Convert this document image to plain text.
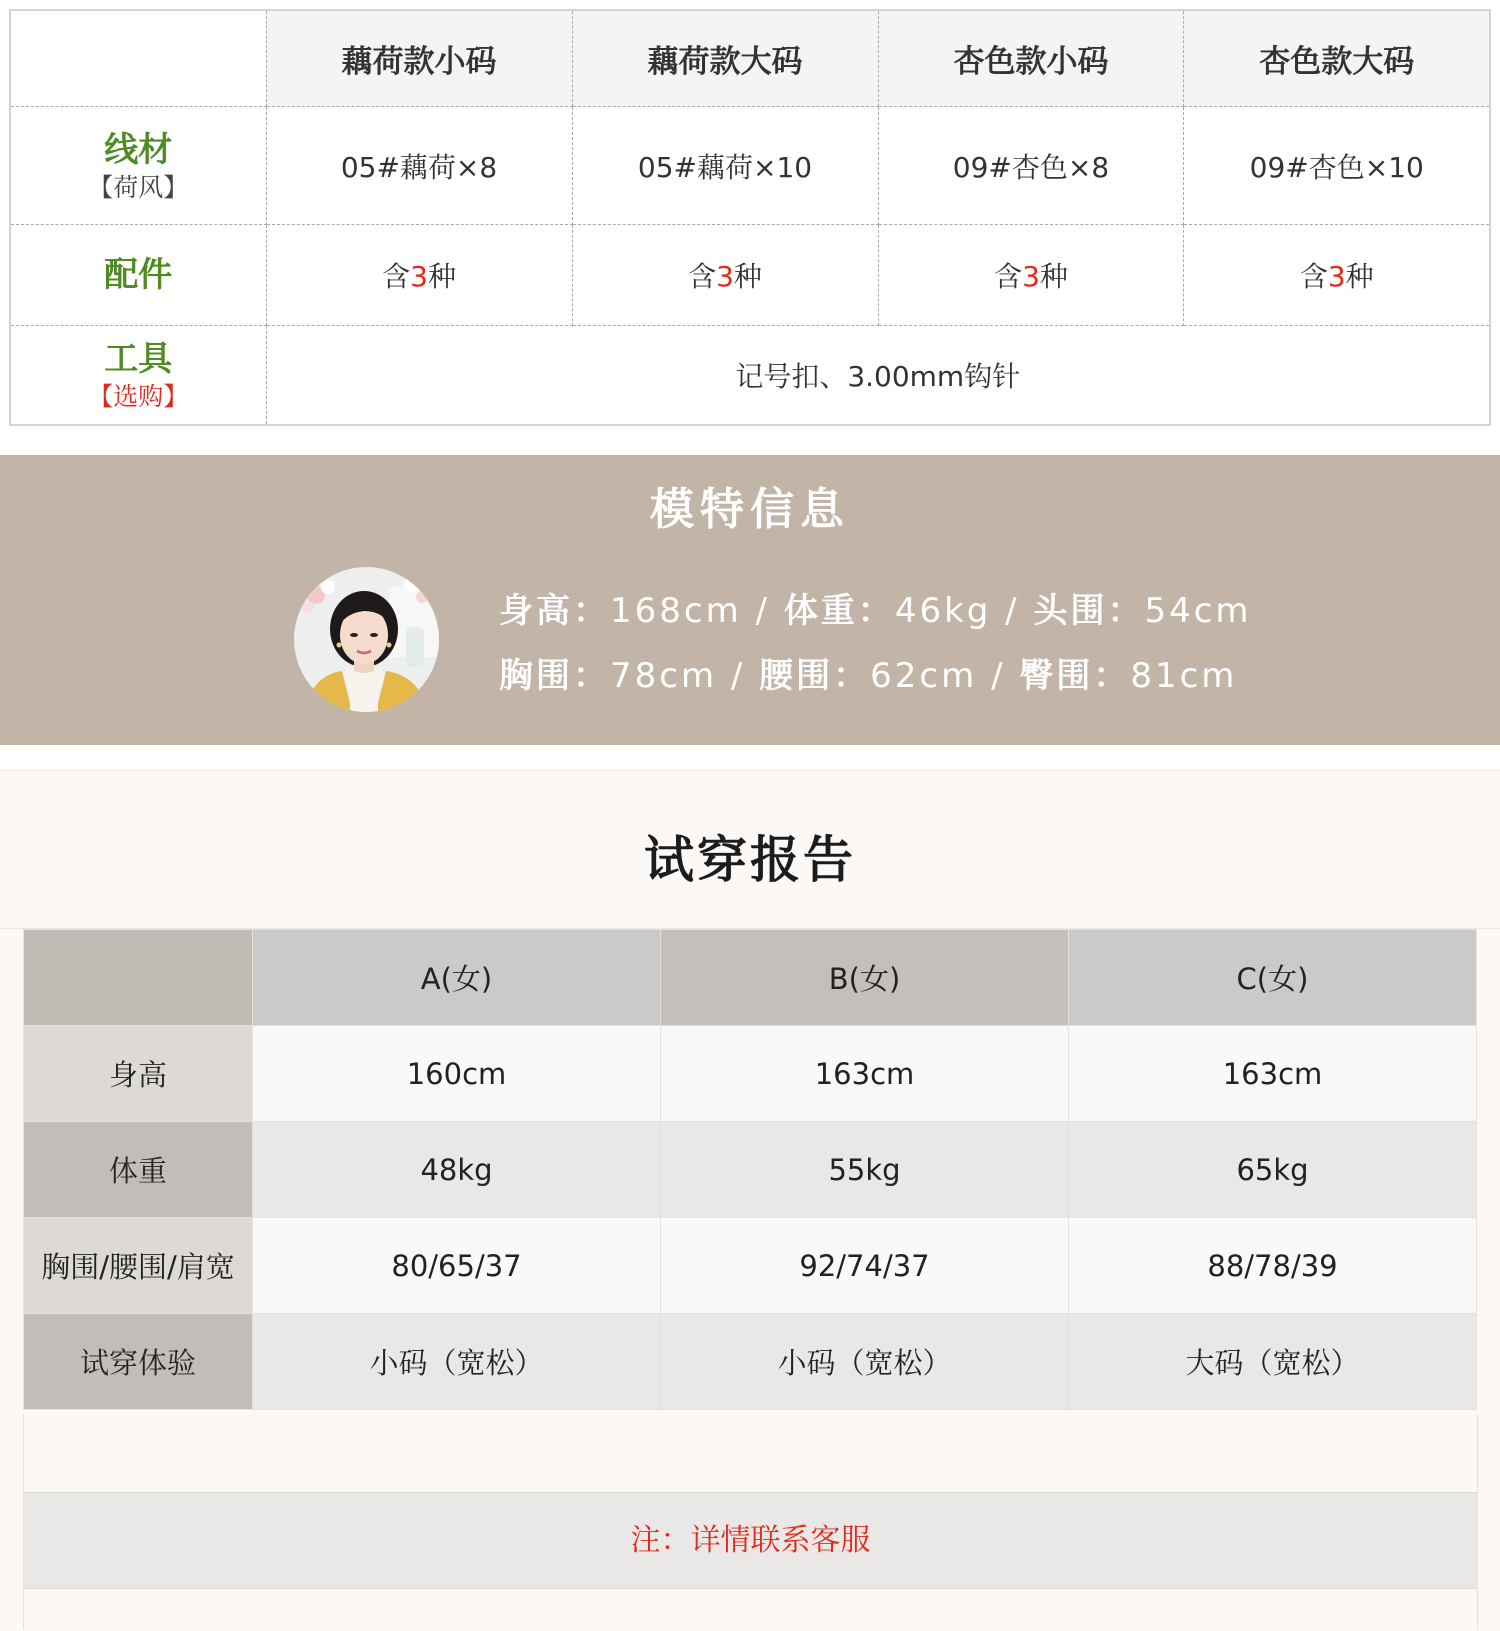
	藕荷款小码	藕荷款大码	杏色款小码	杏色款大码

线材
【荷风】	05#藕荷×8	05#藕荷×10	09#杏色×8	09#杏色×10

配件	含3种	含3种	含3种	含3种

工具
【选购】	记号扣、3.00mm钩针			
模特信息
身高：168cm / 体重：46kg / 头围：54cm
胸围：78cm / 腰围：62cm / 臀围：81cm
试穿报告
	A(女)	B(女)	C(女)
身高	160cm	163cm	163cm
体重	48kg	55kg	65kg
胸围/腰围/肩宽	80/65/37	92/74/37	88/78/39
试穿体验	小码（宽松）	小码（宽松）	大码（宽松）
注：详情联系客服
